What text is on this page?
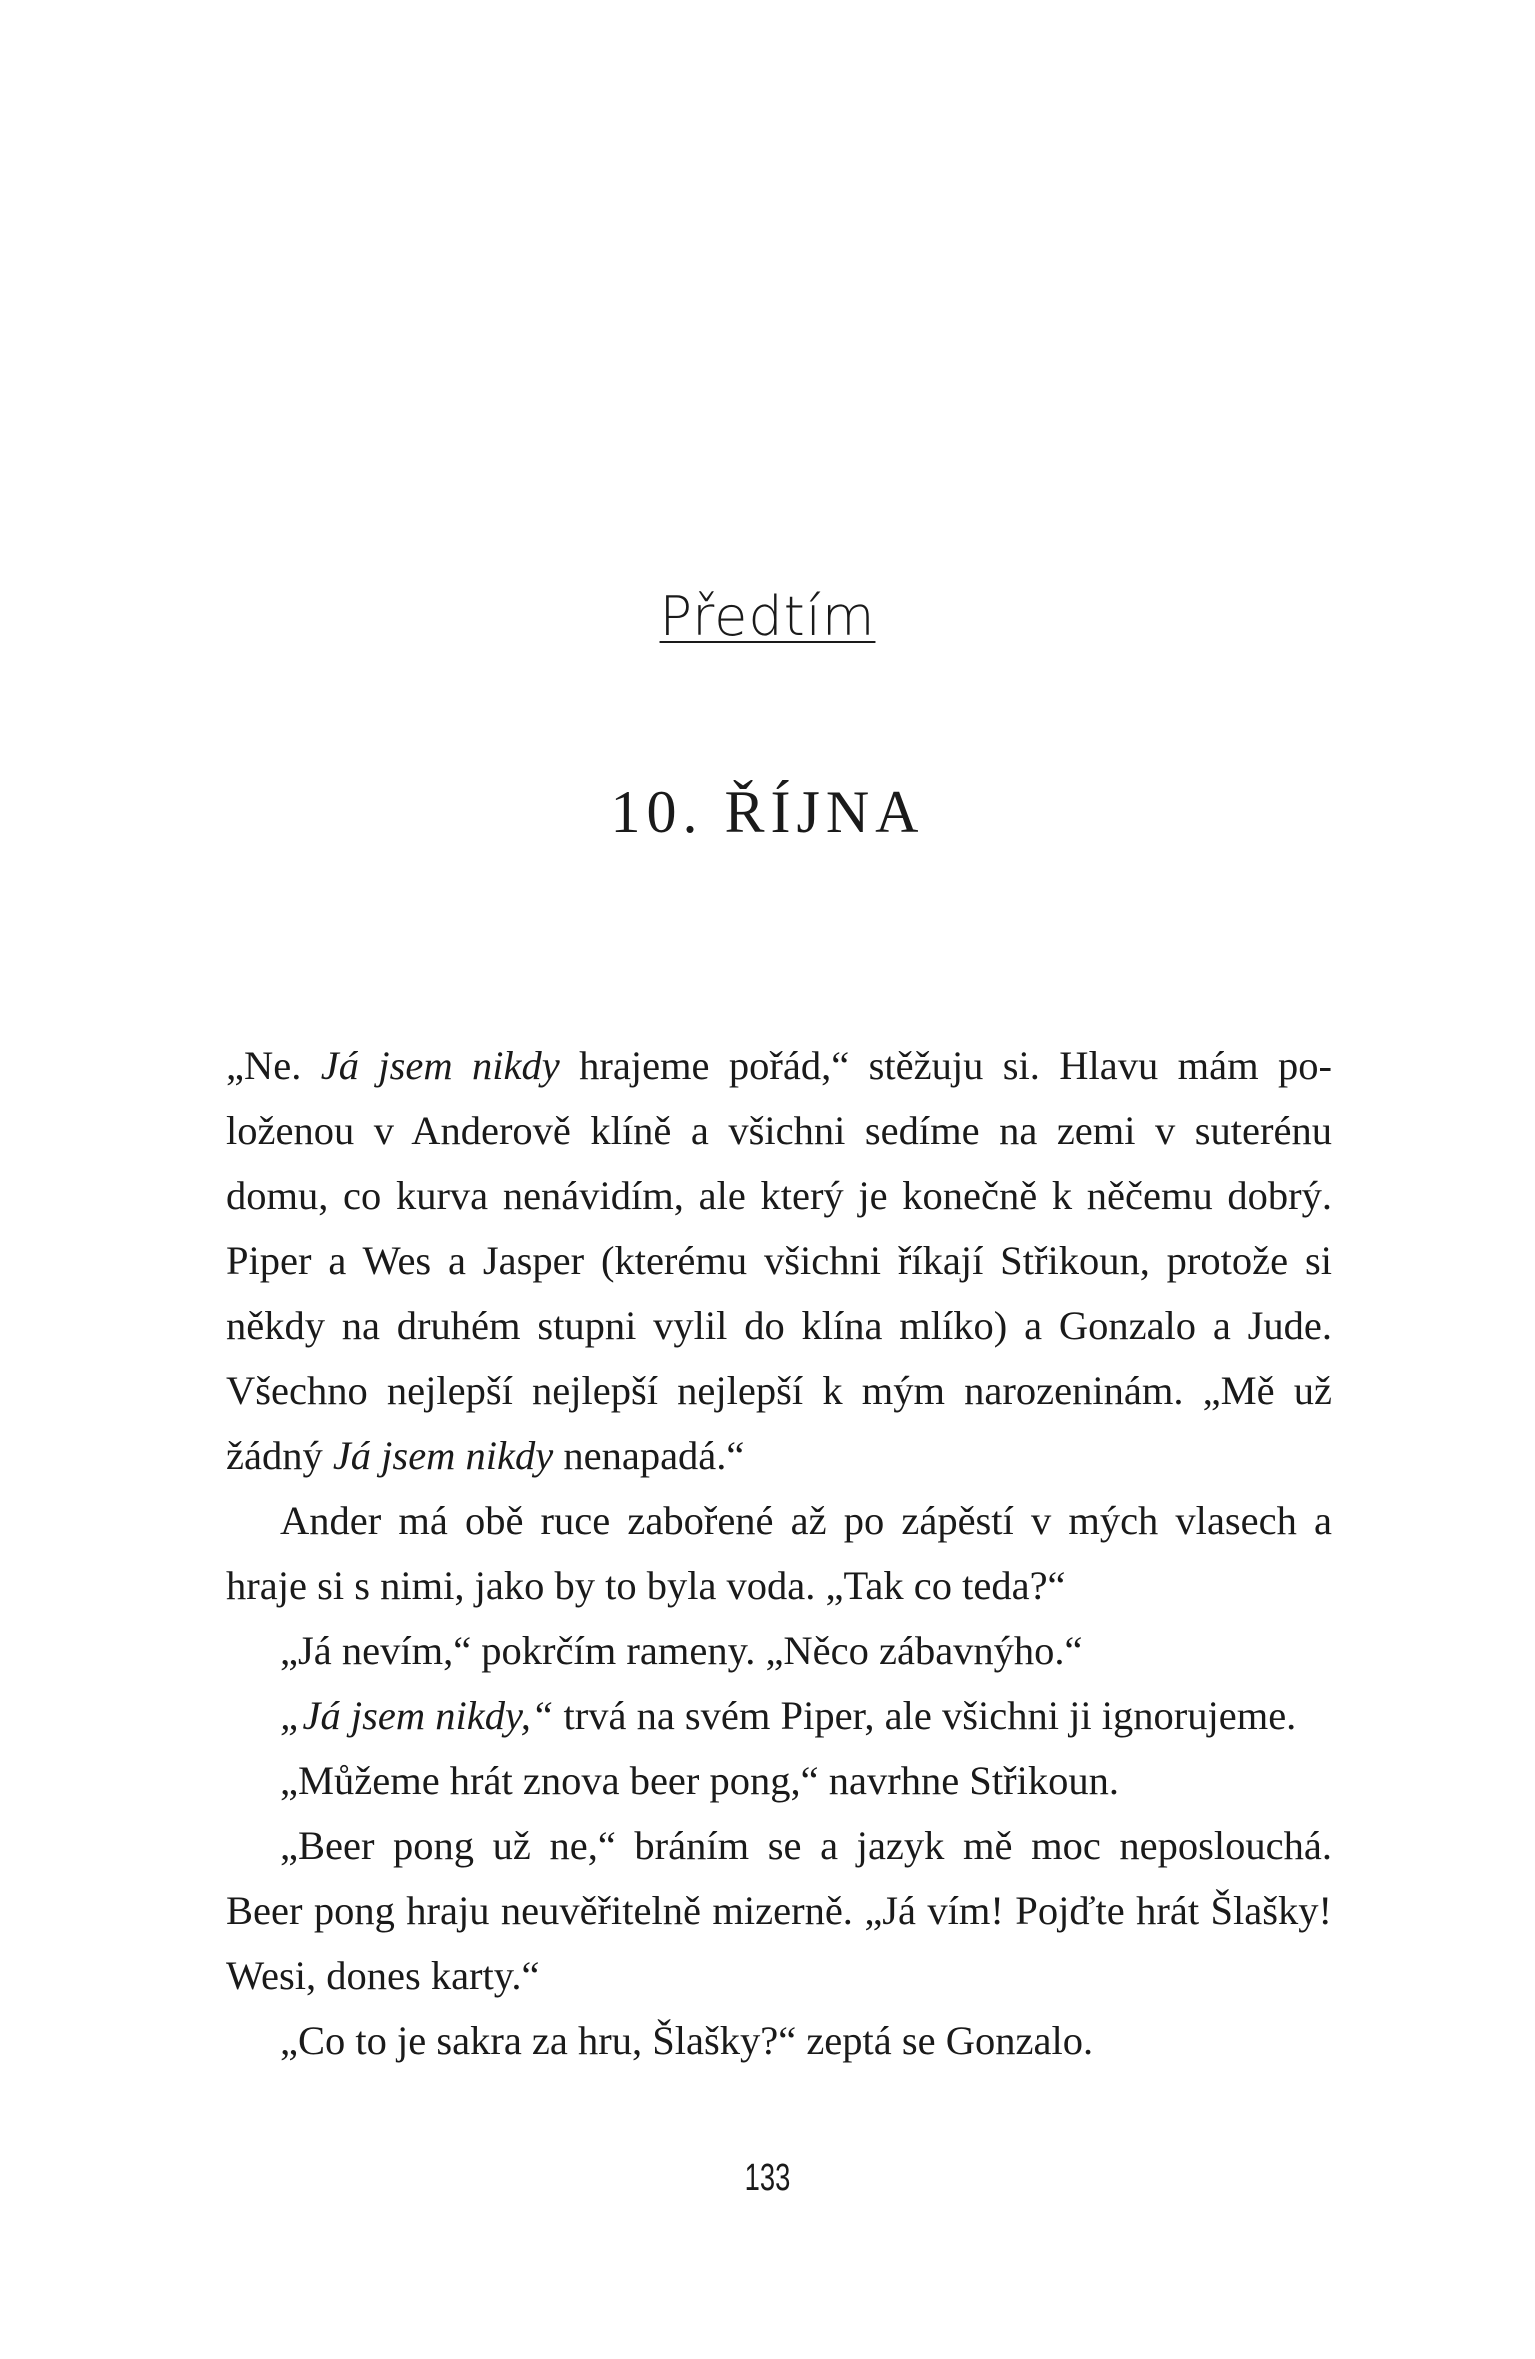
Předtím
10. ŘÍJNA

„Ne. Já jsem nikdy hrajeme pořád,“ stěžuju si. Hlavu mám položenou v Anderově klíně a všichni sedíme na zemi v suterénu domu, co kurva nenávidím, ale který je konečně k něčemu dobrý. Piper a Wes a Jasper (kterému všichni říkají Střikoun, protože si někdy na druhém stupni vylil do klína mlíko) a Gonzalo a Jude. Všechno nejlepší nejlepší nejlepší k mým narozeninám. „Mě už žádný Já jsem nikdy nenapadá.“

Ander má obě ruce zabořené až po zápěstí v mých vlasech a hraje si s nimi, jako by to byla voda. „Tak co teda?“

„Já nevím,“ pokrčím rameny. „Něco zábavnýho.“

„Já jsem nikdy,“ trvá na svém Piper, ale všichni ji ignorujeme.

„Můžeme hrát znova beer pong,“ navrhne Střikoun.

„Beer pong už ne,“ bráním se a jazyk mě moc neposlouchá. Beer pong hraju neuvěřitelně mizerně. „Já vím! Pojďte hrát Šlašky! Wesi, dones karty.“

„Co to je sakra za hru, Šlašky?“ zeptá se Gonzalo.

133
